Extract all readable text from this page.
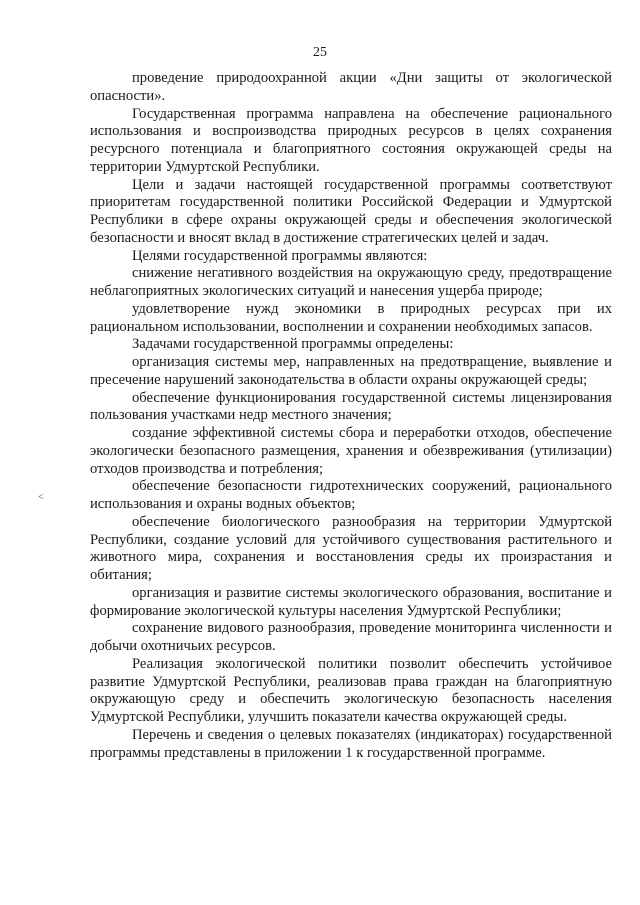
25

проведение природоохранной акции «Дни защиты от экологической опасности».

Государственная программа направлена на обеспечение рационального использования и воспроизводства природных ресурсов в целях сохранения ресурсного потенциала и благоприятного состояния окружающей среды на территории Удмуртской Республики.

Цели и задачи настоящей государственной программы соответствуют приоритетам государственной политики Российской Федерации и Удмуртской Республики в сфере охраны окружающей среды и обеспечения экологической безопасности и вносят вклад в достижение стратегических целей и задач.

Целями государственной программы являются:

снижение негативного воздействия на окружающую среду, предотвращение неблагоприятных экологических ситуаций и нанесения ущерба природе;

удовлетворение нужд экономики в природных ресурсах при их рациональном использовании, восполнении и сохранении необходимых запасов.

Задачами государственной программы определены:

организация системы мер, направленных на предотвращение, выявление и пресечение нарушений законодательства в области охраны окружающей среды;

обеспечение функционирования государственной системы лицензирования пользования участками недр местного значения;

создание эффективной системы сбора и переработки отходов, обеспечение экологически безопасного размещения, хранения и обезвреживания (утилизации) отходов производства и потребления;

обеспечение безопасности гидротехнических сооружений, рационального использования и охраны водных объектов;

обеспечение биологического разнообразия на территории Удмуртской Республики, создание условий для устойчивого существования растительного и животного мира, сохранения и восстановления среды их произрастания и обитания;

организация и развитие системы экологического образования, воспитание и формирование экологической культуры населения Удмуртской Республики;

сохранение видового разнообразия, проведение мониторинга численности и добычи охотничьих ресурсов.

Реализация экологической политики позволит обеспечить устойчивое развитие Удмуртской Республики, реализовав права граждан на благоприятную окружающую среду и обеспечить экологическую безопасность населения Удмуртской Республики, улучшить показатели качества окружающей среды.

Перечень и сведения о целевых показателях (индикаторах) государственной программы представлены в приложении 1 к государственной программе.

˂
